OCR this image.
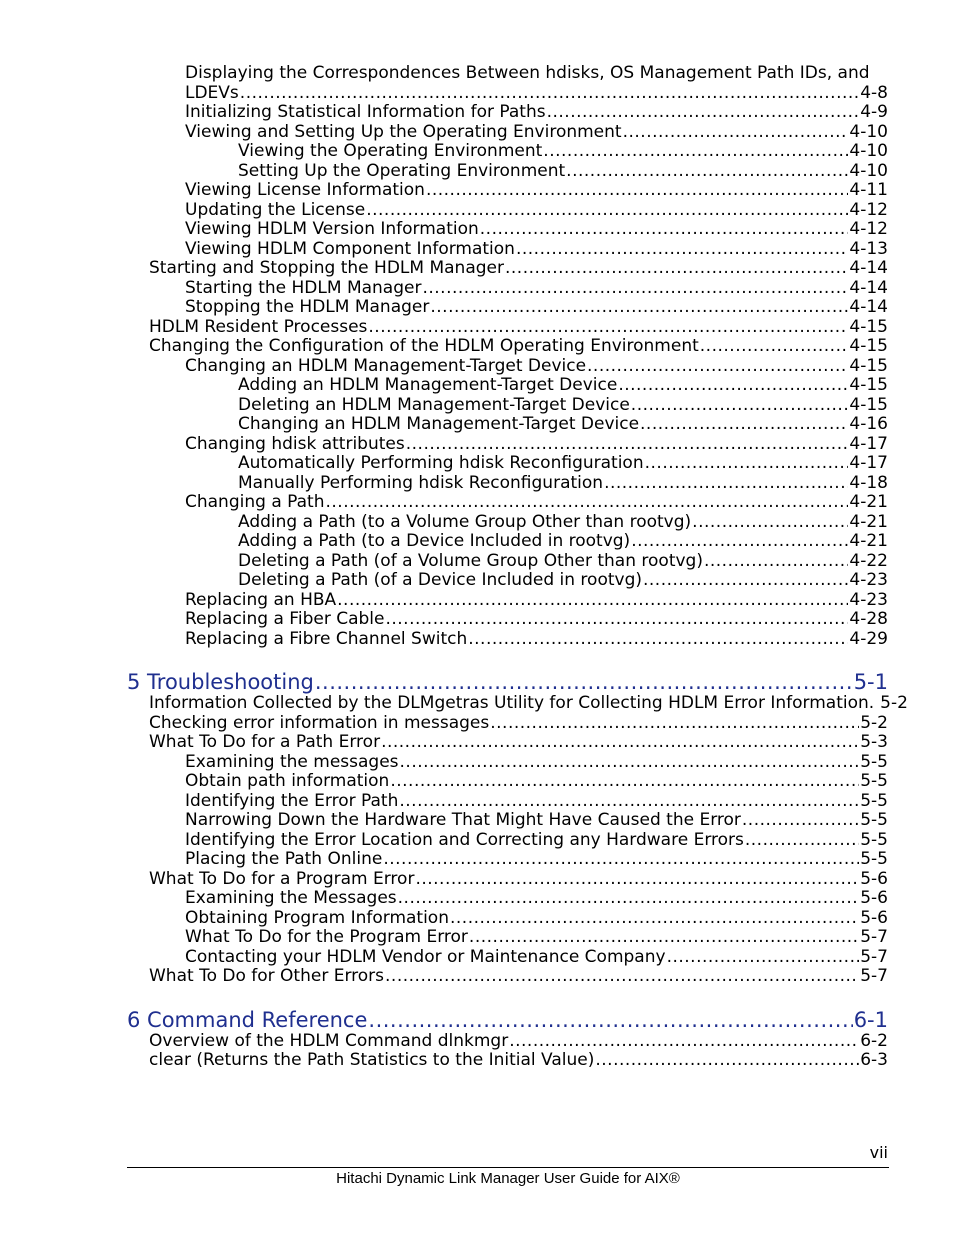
Displaying the Correspondences Between hdisks, OS Management Path IDs, and
LDEVs .....	4-8
Initializing Statistical Information for Paths .....	4-9
Viewing and Setting Up the Operating Environment .....	4-10
Viewing the Operating Environment .....	4-10
Setting Up the Operating Environment .....	4-10
Viewing License Information .....	4-11
Updating the License .....	4-12
Viewing HDLM Version Information .....	4-12
Viewing HDLM Component Information .....	4-13
Starting and Stopping the HDLM Manager .....	4-14
Starting the HDLM Manager .....	4-14
Stopping the HDLM Manager .....	4-14
HDLM Resident Processes .....	4-15
Changing the Configuration of the HDLM Operating Environment .....	4-15
Changing an HDLM Management-Target Device .....	4-15
Adding an HDLM Management-Target Device .....	4-15
Deleting an HDLM Management-Target Device .....	4-15
Changing an HDLM Management-Target Device .....	4-16
Changing hdisk attributes .....	4-17
Automatically Performing hdisk Reconfiguration .....	4-17
Manually Performing hdisk Reconfiguration .....	4-18
Changing a Path .....	4-21
Adding a Path (to a Volume Group Other than rootvg) .....	4-21
Adding a Path (to a Device Included in rootvg) .....	4-21
Deleting a Path (of a Volume Group Other than rootvg) .....	4-22
Deleting a Path (of a Device Included in rootvg) .....	4-23
Replacing an HBA .....	4-23
Replacing a Fiber Cable .....	4-28
Replacing a Fibre Channel Switch .....	4-29
5 Troubleshooting .....	5-1
Information Collected by the DLMgetras Utility for Collecting HDLM Error Information. 5-2
Checking error information in messages .....	5-2
What To Do for a Path Error .....	5-3
Examining the messages .....	5-5
Obtain path information .....	5-5
Identifying the Error Path .....	5-5
Narrowing Down the Hardware That Might Have Caused the Error .....	5-5
Identifying the Error Location and Correcting any Hardware Errors .....	5-5
Placing the Path Online .....	5-5
What To Do for a Program Error .....	5-6
Examining the Messages .....	5-6
Obtaining Program Information .....	5-6
What To Do for the Program Error .....	5-7
Contacting your HDLM Vendor or Maintenance Company .....	5-7
What To Do for Other Errors .....	5-7
6 Command Reference .....	6-1
Overview of the HDLM Command dlnkmgr .....	6-2
clear (Returns the Path Statistics to the Initial Value) .....	6-3
vii
Hitachi Dynamic Link Manager User Guide for AIX®
